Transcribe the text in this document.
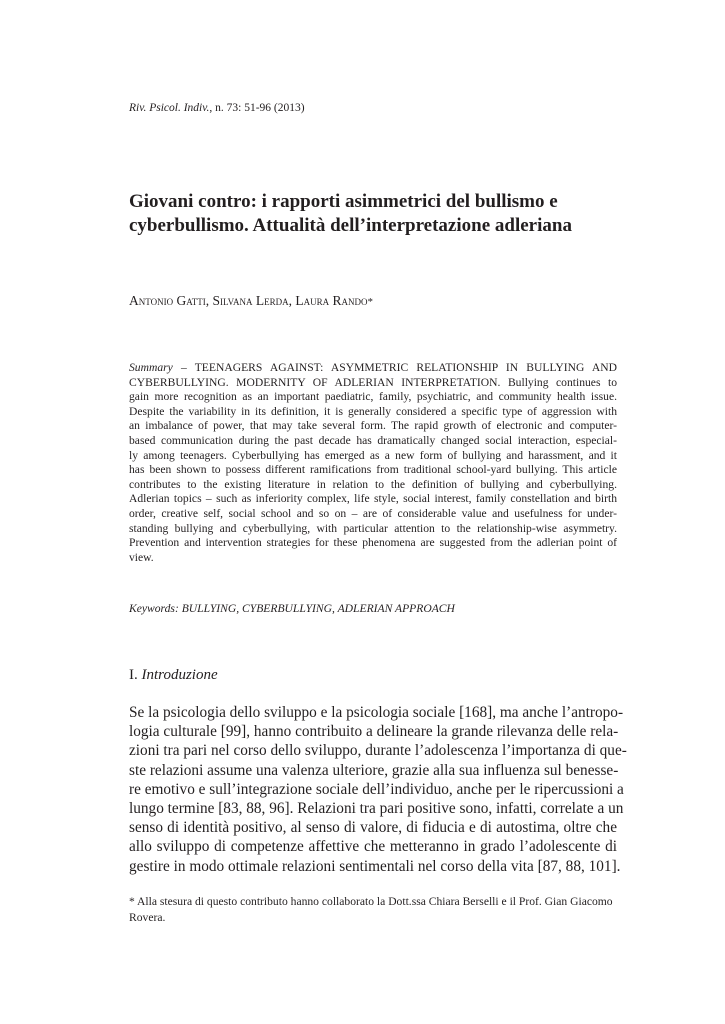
Riv. Psicol. Indiv., n. 73: 51-96 (2013)
Giovani contro: i rapporti asimmetrici del bullismo e
cyberbullismo. Attualità dell’interpretazione adleriana
Antonio Gatti, Silvana Lerda, Laura Rando*
Summary – TEENAGERS AGAINST: ASYMMETRIC RELATIONSHIP IN BULLYING AND
CYBERBULLYING. MODERNITY OF ADLERIAN INTERPRETATION. Bullying continues to
gain more recognition as an important paediatric, family, psychiatric, and community health issue.
Despite the variability in its definition, it is generally considered a specific type of aggression with
an imbalance of power, that may take several form. The rapid growth of electronic and computer-
based communication during the past decade has dramatically changed social interaction, especial-
ly among teenagers. Cyberbullying has emerged as a new form of bullying and harassment, and it
has been shown to possess different ramifications from traditional school-yard bullying. This article
contributes to the existing literature in relation to the definition of bullying and cyberbullying.
Adlerian topics – such as inferiority complex, life style, social interest, family constellation and birth
order, creative self, social school and so on – are of considerable value and usefulness for under-
standing bullying and cyberbullying, with particular attention to the relationship-wise asymmetry.
Prevention and intervention strategies for these phenomena are suggested from the adlerian point of
view.
Keywords: BULLYING, CYBERBULLYING, ADLERIAN APPROACH
I. Introduzione
Se la psicologia dello sviluppo e la psicologia sociale [168], ma anche l’antropo-
logia culturale [99], hanno contribuito a delineare la grande rilevanza delle rela-
zioni tra pari nel corso dello sviluppo, durante l’adolescenza l’importanza di que-
ste relazioni assume una valenza ulteriore, grazie alla sua influenza sul benesse-
re emotivo e sull’integrazione sociale dell’individuo, anche per le ripercussioni a
lungo termine [83, 88, 96]. Relazioni tra pari positive sono, infatti, correlate a un
senso di identità positivo, al senso di valore, di fiducia e di autostima, oltre che
allo sviluppo di competenze affettive che metteranno in grado l’adolescente di
gestire in modo ottimale relazioni sentimentali nel corso della vita [87, 88, 101].
* Alla stesura di questo contributo hanno collaborato la Dott.ssa Chiara Berselli e il Prof. Gian Giacomo
Rovera.
